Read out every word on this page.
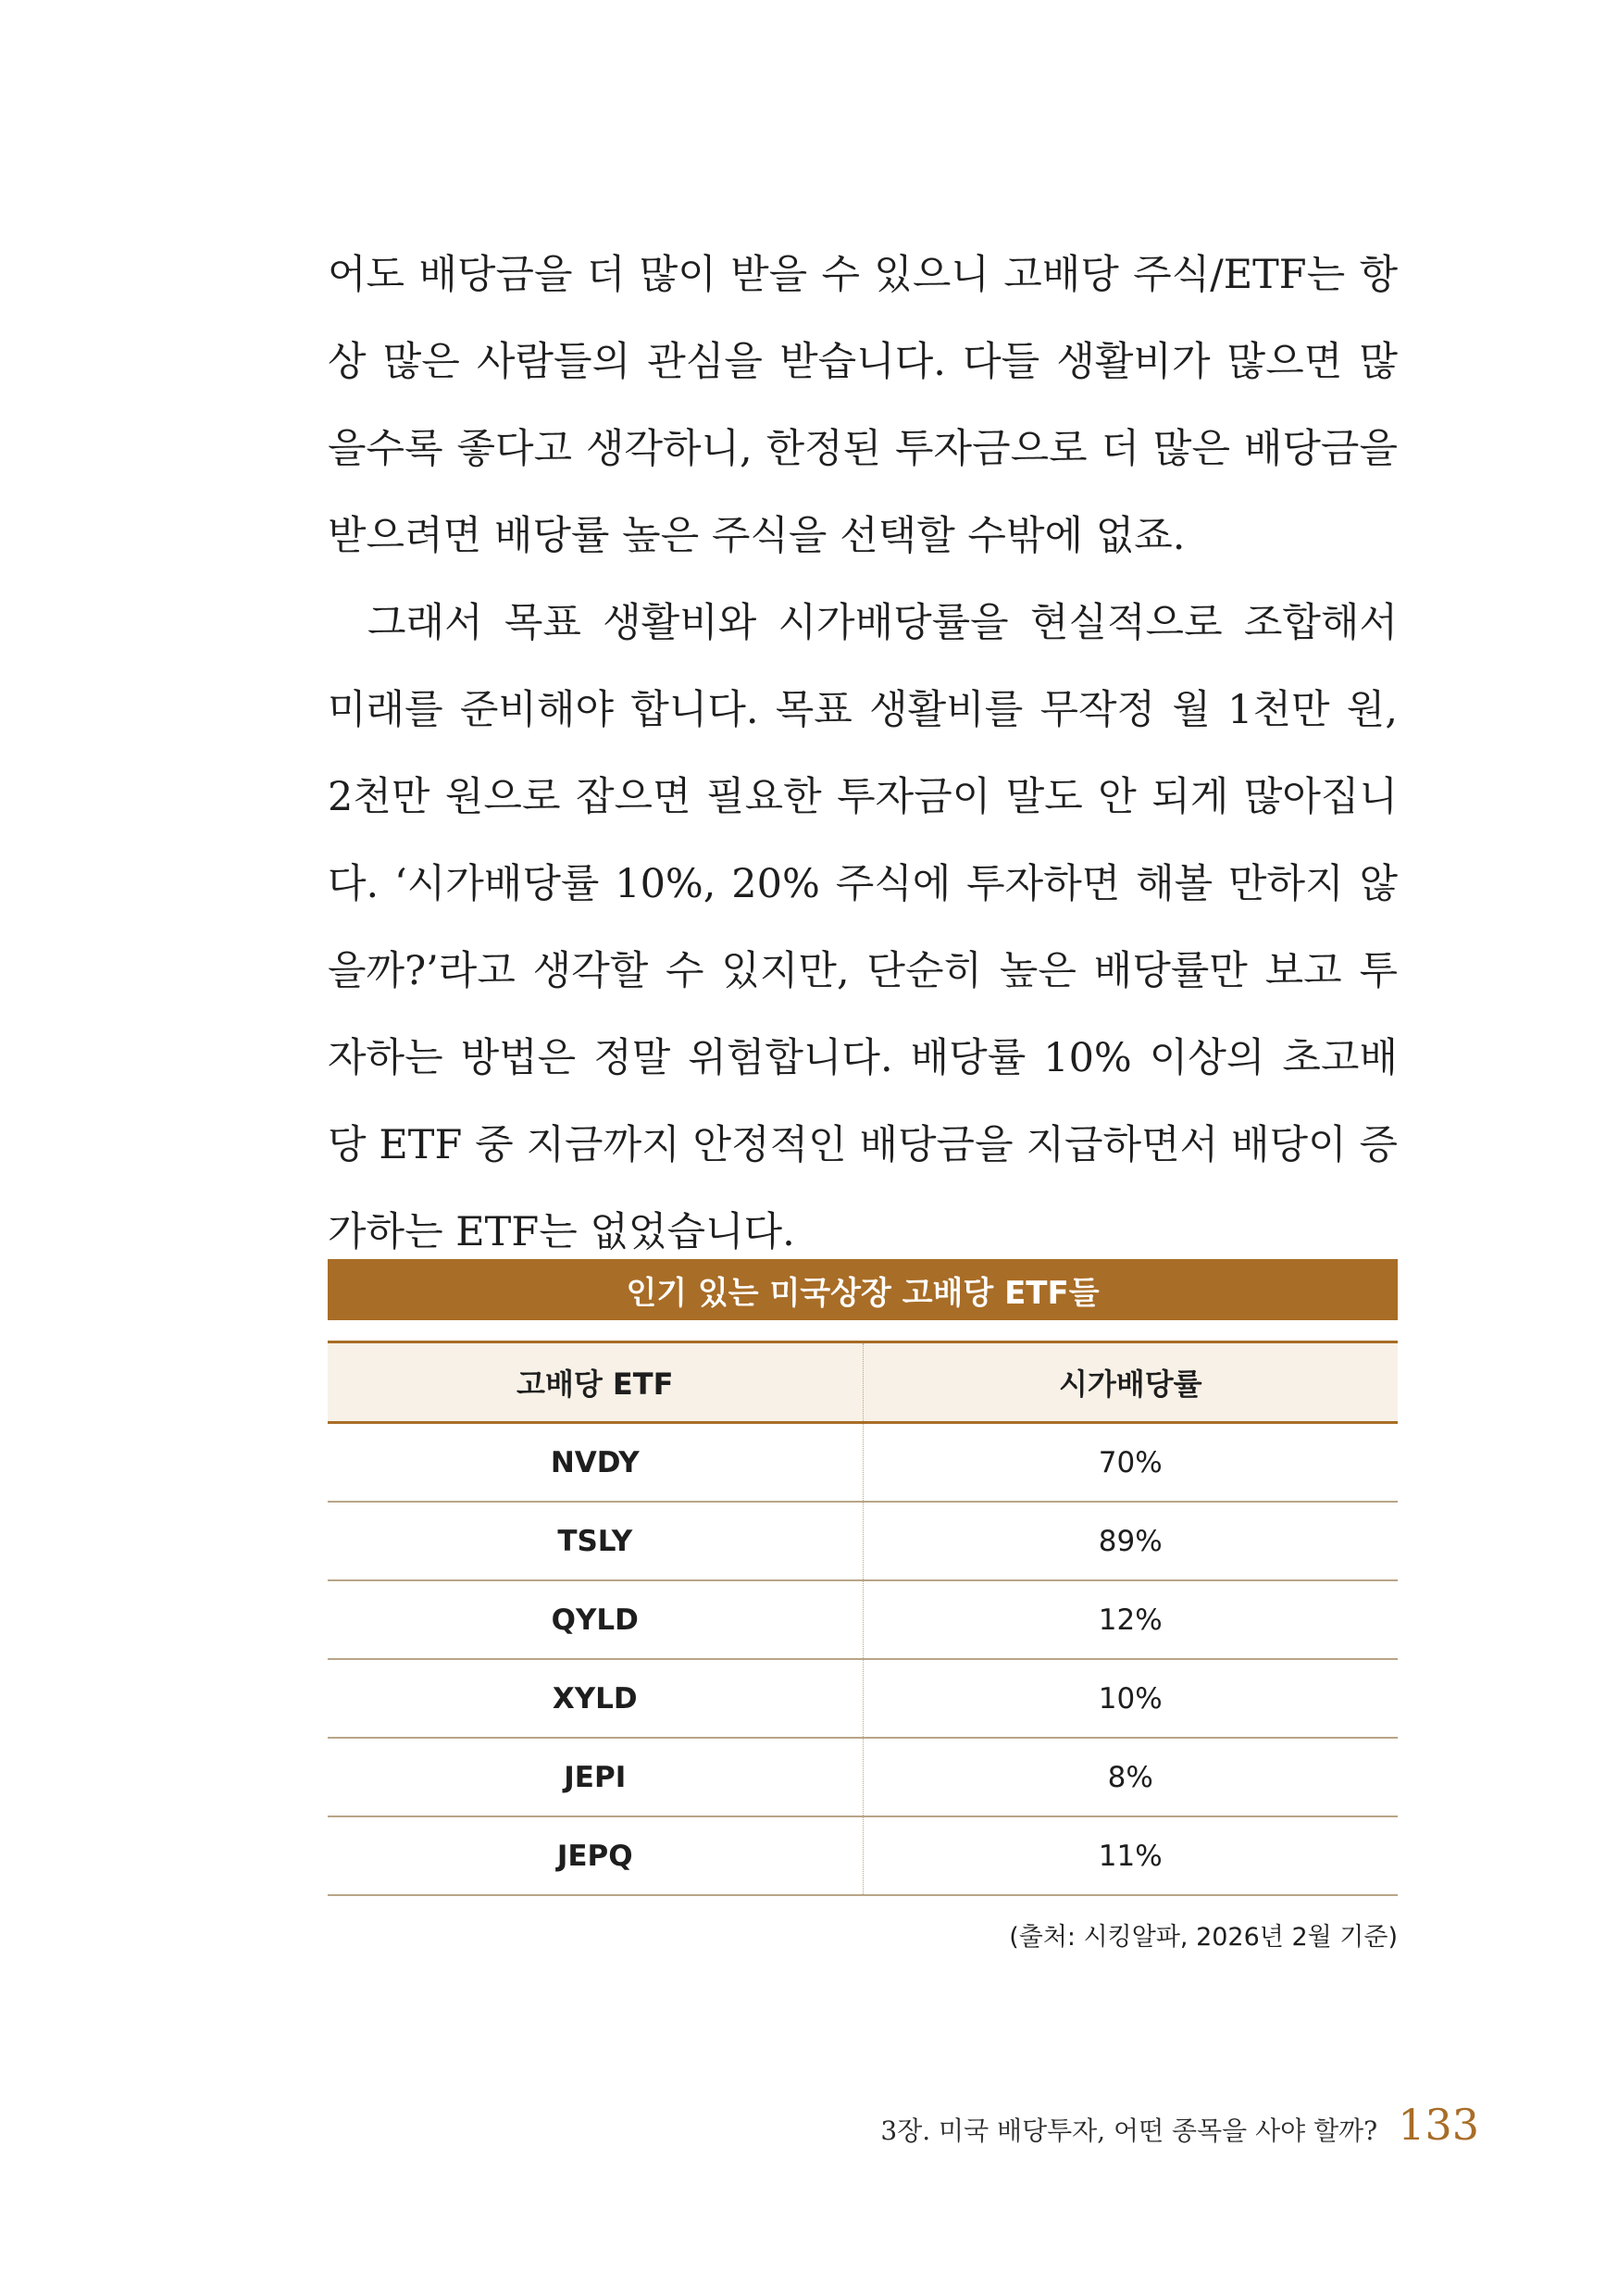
어도 배당금을 더 많이 받을 수 있으니 고배당 주식/ETF는 항상 많은 사람들의 관심을 받습니다. 다들 생활비가 많으면 많을수록 좋다고 생각하니, 한정된 투자금으로 더 많은 배당금을 받으려면 배당률 높은 주식을 선택할 수밖에 없죠.

그래서 목표 생활비와 시가배당률을 현실적으로 조합해서 미래를 준비해야 합니다. 목표 생활비를 무작정 월 1천만 원, 2천만 원으로 잡으면 필요한 투자금이 말도 안 되게 많아집니다. ‘시가배당률 10%, 20% 주식에 투자하면 해볼 만하지 않을까?’라고 생각할 수 있지만, 단순히 높은 배당률만 보고 투자하는 방법은 정말 위험합니다. 배당률 10% 이상의 초고배당 ETF 중 지금까지 안정적인 배당금을 지급하면서 배당이 증가하는 ETF는 없었습니다.

인기 있는 미국상장 고배당 ETF들
고배당 ETF	시가배당률
NVDY	70%
TSLY	89%
QYLD	12%
XYLD	10%
JEPI	8%
JEPQ	11%
(출처: 시킹알파, 2026년 2월 기준)
3장. 미국 배당투자, 어떤 종목을 사야 할까? 133
